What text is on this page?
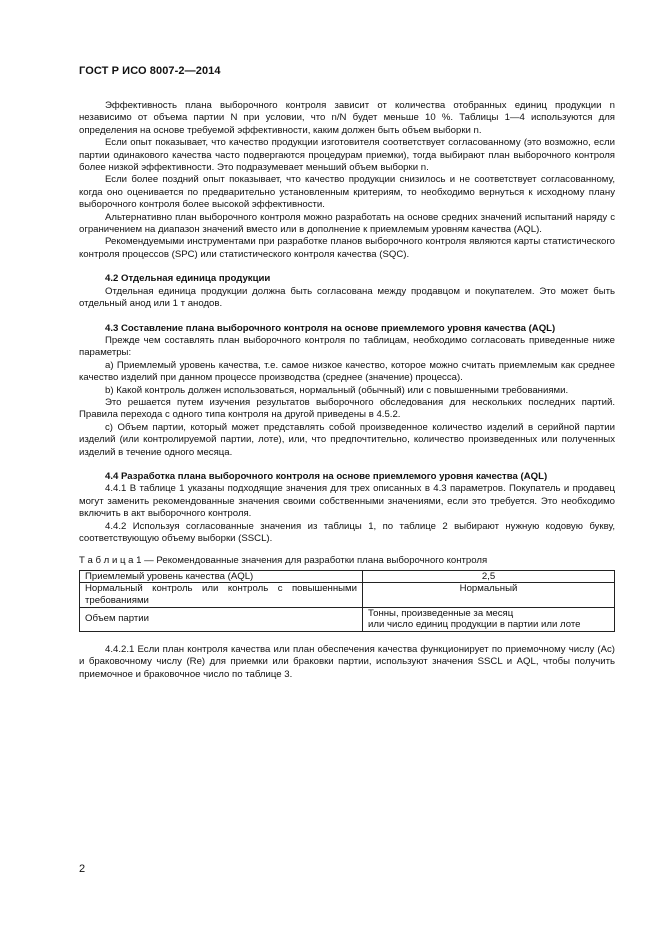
ГОСТ Р ИСО 8007-2—2014

Эффективность плана выборочного контроля зависит от количества отобранных единиц продукции n независимо от объема партии N при условии, что n/N будет меньше 10 %. Таблицы 1—4 используются для определения на основе требуемой эффективности, каким должен быть объем выборки n.

Если опыт показывает, что качество продукции изготовителя соответствует согласованному (это возможно, если партии одинакового качества часто подвергаются процедурам приемки), тогда выбирают план выборочного контроля более низкой эффективности. Это подразумевает меньший объем выборки n.

Если более поздний опыт показывает, что качество продукции снизилось и не соответствует согласованному, когда оно оценивается по предварительно установленным критериям, то необходимо вернуться к исходному плану выборочного контроля более высокой эффективности.

Альтернативно план выборочного контроля можно разработать на основе средних значений испытаний наряду с ограничением на диапазон значений вместо или в дополнение к приемлемым уровням качества (AQL).

Рекомендуемыми инструментами при разработке планов выборочного контроля являются карты статистического контроля процессов (SPC) или статистического контроля качества (SQC).

4.2 Отдельная единица продукции

Отдельная единица продукции должна быть согласована между продавцом и покупателем. Это может быть отдельный анод или 1 т анодов.

4.3 Составление плана выборочного контроля на основе приемлемого уровня качества (AQL)

Прежде чем составлять план выборочного контроля по таблицам, необходимо согласовать приведенные ниже параметры:

а) Приемлемый уровень качества, т.е. самое низкое качество, которое можно считать приемлемым как среднее качество изделий при данном процессе производства (среднее (значение) процесса).

b) Какой контроль должен использоваться, нормальный (обычный) или с повышенными требованиями.

Это решается путем изучения результатов выборочного обследования для нескольких последних партий. Правила перехода с одного типа контроля на другой приведены в 4.5.2.

с) Объем партии, который может представлять собой произведенное количество изделий в серийной партии изделий (или контролируемой партии, лоте), или, что предпочтительно, количество произведенных или полученных изделий в течение одного месяца.

4.4 Разработка плана выборочного контроля на основе приемлемого уровня качества (AQL)

4.4.1 В таблице 1 указаны подходящие значения для трех описанных в 4.3 параметров. Покупатель и продавец могут заменить рекомендованные значения своими собственными значениями, если это требуется. Это необходимо включить в акт выборочного контроля.

4.4.2 Используя согласованные значения из таблицы 1, по таблице 2 выбирают нужную кодовую букву, соответствующую объему выборки (SSCL).

Т а б л и ц а 1 — Рекомендованные значения для разработки плана выборочного контроля

Приемлемый уровень качества (AQL)	2,5
Нормальный контроль или контроль с повышенными требованиями	Нормальный
Объем партии	Тонны, произведенные за месяц
или число единиц продукции в партии или лоте

4.4.2.1 Если план контроля качества или план обеспечения качества функционирует по приемочному числу (Ac) и браковочному числу (Re) для приемки или браковки партии, используют значения SSCL и AQL, чтобы получить приемочное и браковочное число по таблице 3.

2
